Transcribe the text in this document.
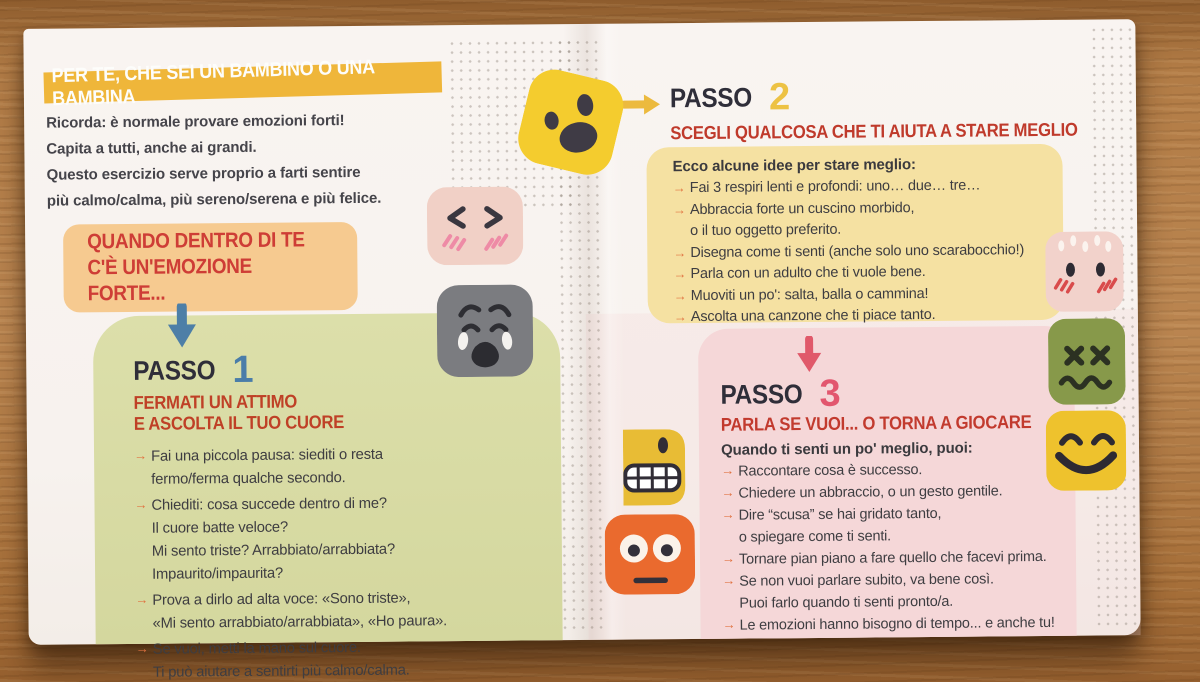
PER TE, CHE SEI UN BAMBINO O UNA BAMBINA
Ricorda: è normale provare emozioni forti!
Capita a tutti, anche ai grandi.
Questo esercizio serve proprio a farti sentire
più calmo/calma, più sereno/serena e più felice.
QUANDO DENTRO DI TE
C'È UN'EMOZIONE FORTE...
PASSO 1
FERMATI UN ATTIMO
E ASCOLTA IL TUO CUORE
→ Fai una piccola pausa: siediti o resta
fermo/ferma qualche secondo.
→ Chiediti: cosa succede dentro di me?
Il cuore batte veloce?
Mi sento triste? Arrabbiato/arrabbiata?
Impaurito/impaurita?
→ Prova a dirlo ad alta voce: «Sono triste»,
«Mi sento arrabbiato/arrabbiata», «Ho paura».
→ Se vuoi, metti la mano sul cuore.
Ti può aiutare a sentirti più calmo/calma.
PASSO 2
SCEGLI QUALCOSA CHE TI AIUTA A STARE MEGLIO
Ecco alcune idee per stare meglio:
→ Fai 3 respiri lenti e profondi: uno… due… tre…
→ Abbraccia forte un cuscino morbido,
o il tuo oggetto preferito.
→ Disegna come ti senti (anche solo uno scarabocchio!)
→ Parla con un adulto che ti vuole bene.
→ Muoviti un po': salta, balla o cammina!
→ Ascolta una canzone che ti piace tanto.
PASSO 3
PARLA SE VUOI... O TORNA A GIOCARE
Quando ti senti un po' meglio, puoi:
→ Raccontare cosa è successo.
→ Chiedere un abbraccio, o un gesto gentile.
→ Dire “scusa” se hai gridato tanto,
o spiegare come ti senti.
→ Tornare pian piano a fare quello che facevi prima.
→ Se non vuoi parlare subito, va bene così.
Puoi farlo quando ti senti pronto/a.
→ Le emozioni hanno bisogno di tempo... e anche tu!
